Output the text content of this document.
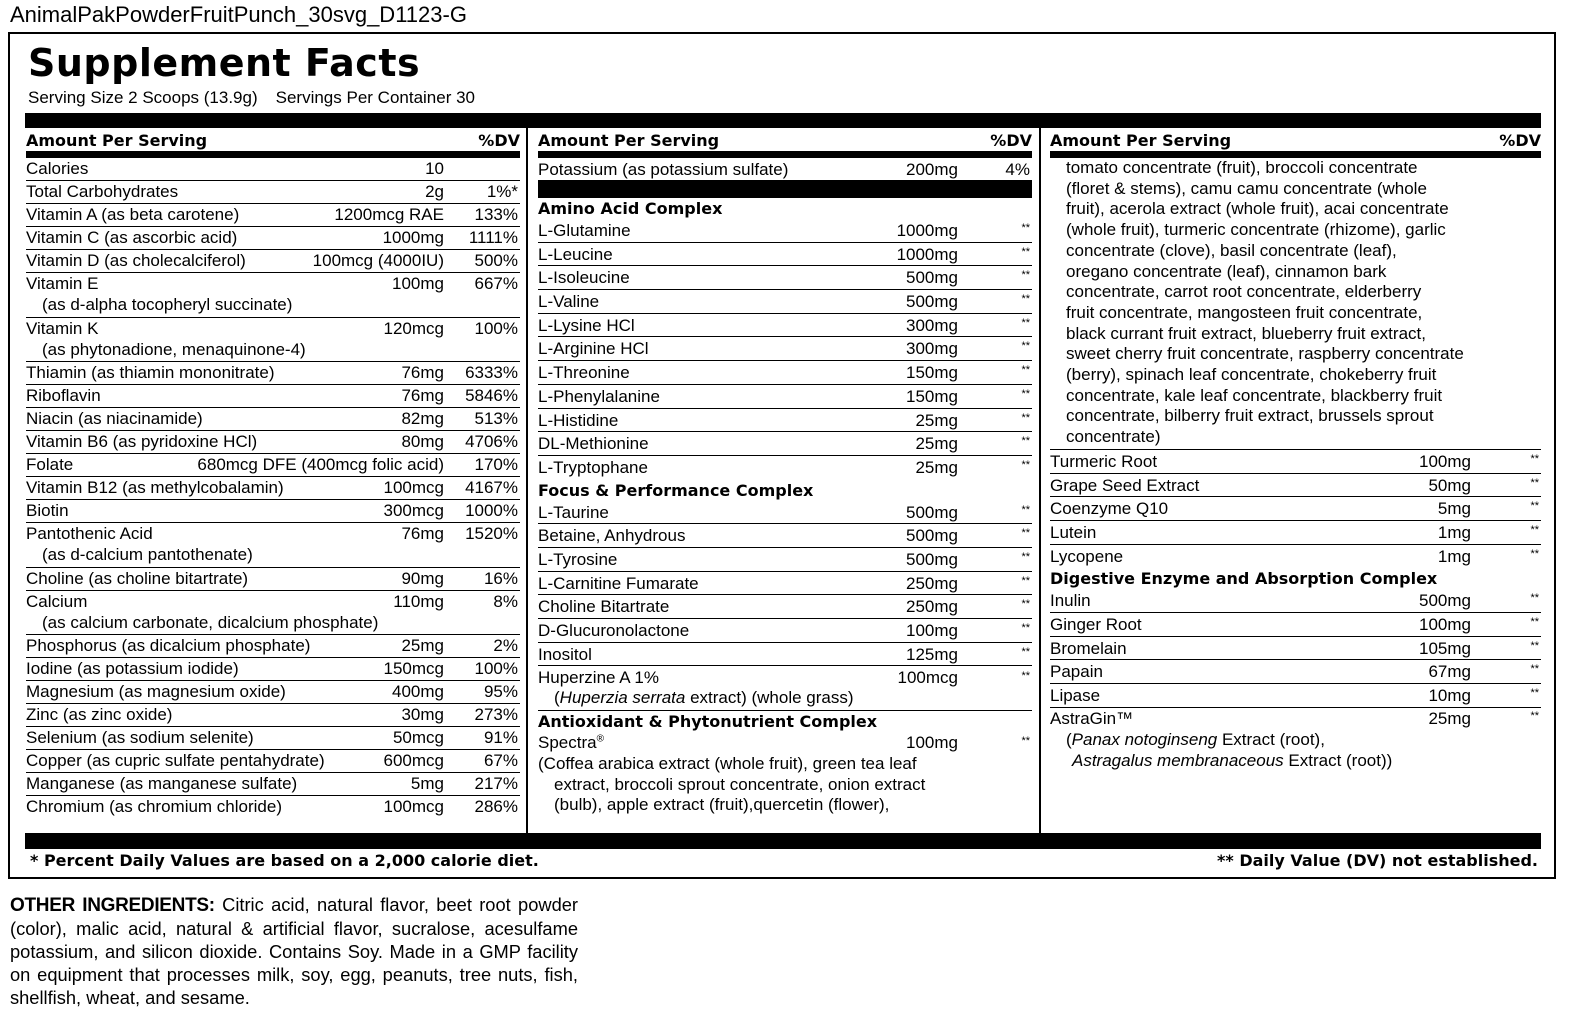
AnimalPakPowderFruitPunch_30svg_D1123-G
Supplement Facts
Serving Size 2 Scoops (13.9g) Servings Per Container 30
Amount Per Serving	%DV
Calories	10
Total Carbohydrates	2g	1%*
Vitamin A (as beta carotene)	1200mcg RAE 133%
Vitamin C (as ascorbic acid)	1000mg 1111%
Vitamin D (as cholecalciferol)	100mcg (4000IU) 500%
Vitamin E
(as d-alpha tocopheryl succinate)
100mg 667%
Vitamin K
(as phytonadione, menaquinone-4)
120mcg 100%
Thiamin (as thiamin mononitrate)	76mg 6333%
Riboflavin	76mg 5846%
Niacin (as niacinamide)	82mg 513%
Vitamin B6 (as pyridoxine HCl)	80mg 4706%
Folate	680mcg DFE (400mcg folic acid) 170%
Vitamin B12 (as methylcobalamin)	100mcg 4167%
Biotin	300mcg 1000%
Pantothenic Acid
(as d-calcium pantothenate)
76mg 1520%
Choline (as choline bitartrate)	90mg 16%
Calcium
(as calcium carbonate, dicalcium phosphate)
110mg	8%
Phosphorus (as dicalcium phosphate)	25mg	2%
Iodine (as potassium iodide)	150mcg 100%
Magnesium (as magnesium oxide)	400mg 95%
Zinc (as zinc oxide)	30mg 273%
Selenium (as sodium selenite)	50mcg 91%
Copper (as cupric sulfate pentahydrate)	600mcg 67%
Manganese (as manganese sulfate)	5mg 217%
Chromium (as chromium chloride)	100mcg 286%
Amount Per Serving	%DV
Potassium (as potassium sulfate)	200mg	4%
Amino Acid Complex
L-Glutamine	1000mg	**
L-Leucine	1000mg	**
L-Isoleucine	500mg	**
L-Valine	500mg	**
L-Lysine HCl	300mg	**
L-Arginine HCl	300mg	**
L-Threonine	150mg	**
L-Phenylalanine	150mg	**
L-Histidine	25mg	**
DL-Methionine	25mg	**
L-Tryptophane	25mg	**
Focus & Performance Complex
L-Taurine	500mg	**
Betaine, Anhydrous	500mg	**
L-Tyrosine	500mg	**
L-Carnitine Fumarate	250mg	**
Choline Bitartrate	250mg	**
D-Glucuronolactone	100mg	**
Inositol	125mg	**
Huperzine A 1%
(Huperzia serrata extract) (whole grass)
100mcg	**
Antioxidant & Phytonutrient Complex
Spectra®	100mg	**
(Coffea arabica extract (whole fruit), green tea leaf
extract, broccoli sprout concentrate, onion extract
(bulb), apple extract (fruit),quercetin (flower),
Amount Per Serving	%DV
tomato concentrate (fruit), broccoli concentrate
(floret & stems), camu camu concentrate (whole
fruit), acerola extract (whole fruit), acai concentrate
(whole fruit), turmeric concentrate (rhizome), garlic
concentrate (clove), basil concentrate (leaf),
oregano concentrate (leaf), cinnamon bark
concentrate, carrot root concentrate, elderberry
fruit concentrate, mangosteen fruit concentrate,
black currant fruit extract, blueberry fruit extract,
sweet cherry fruit concentrate, raspberry concentrate
(berry), spinach leaf concentrate, chokeberry fruit
concentrate, kale leaf concentrate, blackberry fruit
concentrate, bilberry fruit extract, brussels sprout
concentrate)
Turmeric Root	100mg	**
Grape Seed Extract	50mg	**
Coenzyme Q10	5mg	**
Lutein	1mg	**
Lycopene	1mg	**
Digestive Enzyme and Absorption Complex
Inulin	500mg	**
Ginger Root	100mg	**
Bromelain	105mg	**
Papain	67mg	**
Lipase	10mg	**
AstraGin™
(Panax notoginseng Extract (root),
Astragalus membranaceous Extract (root))
25mg	**
* Percent Daily Values are based on a 2,000 calorie diet.	** Daily Value (DV) not established.
OTHER INGREDIENTS: Citric acid, natural flavor, beet root powder (color), malic acid, natural & artificial flavor, sucralose, acesulfame potassium, and silicon dioxide. Contains Soy. Made in a GMP facility on equipment that processes milk, soy, egg, peanuts, tree nuts, fish, shellfish, wheat, and sesame.
